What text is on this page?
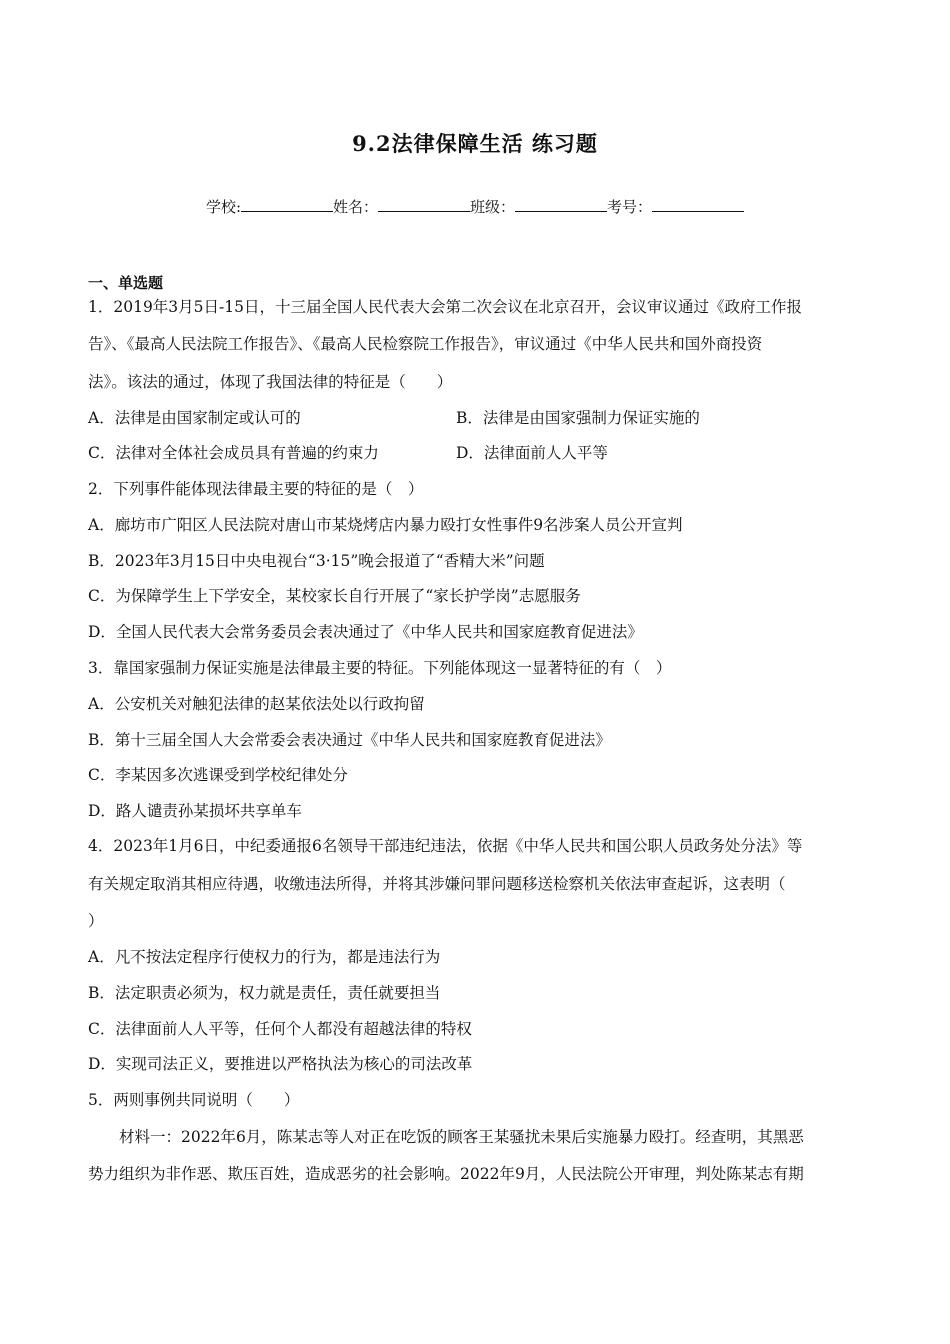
9.2法律保障生活 练习题
学校:	姓名：	班级：	考号：
一、单选题
1．2019年3月5日-15日，十三届全国人民代表大会第二次会议在北京召开，会议审议通过《政府工作报
告》、《最高人民法院工作报告》、《最高人民检察院工作报告》，审议通过《中华人民共和国外商投资
法》。该法的通过，体现了我国法律的特征是（　　）
A．法律是由国家制定或认可的	B．法律是由国家强制力保证实施的
C．法律对全体社会成员具有普遍的约束力	D．法律面前人人平等
2．下列事件能体现法律最主要的特征的是（　）
A．廊坊市广阳区人民法院对唐山市某烧烤店内暴力殴打女性事件9名涉案人员公开宣判
B．2023年3月15日中央电视台“3·15”晚会报道了“香精大米”问题
C．为保障学生上下学安全，某校家长自行开展了“家长护学岗”志愿服务
D．全国人民代表大会常务委员会表决通过了《中华人民共和国家庭教育促进法》
3．靠国家强制力保证实施是法律最主要的特征。下列能体现这一显著特征的有（　）
A．公安机关对触犯法律的赵某依法处以行政拘留
B．第十三届全国人大会常委会表决通过《中华人民共和国家庭教育促进法》
C．李某因多次逃课受到学校纪律处分
D．路人谴责孙某损坏共享单车
4．2023年1月6日，中纪委通报6名领导干部违纪违法，依据《中华人民共和国公职人员政务处分法》等
有关规定取消其相应待遇，收缴违法所得，并将其涉嫌问罪问题移送检察机关依法审查起诉，这表明（
）
A．凡不按法定程序行使权力的行为，都是违法行为
B．法定职责必须为，权力就是责任，责任就要担当
C．法律面前人人平等，任何个人都没有超越法律的特权
D．实现司法正义，要推进以严格执法为核心的司法改革
5．两则事例共同说明（　　）
　　材料一：2022年6月，陈某志等人对正在吃饭的顾客王某骚扰未果后实施暴力殴打。经查明，其黑恶
势力组织为非作恶、欺压百姓，造成恶劣的社会影响。2022年9月，人民法院公开审理，判处陈某志有期
